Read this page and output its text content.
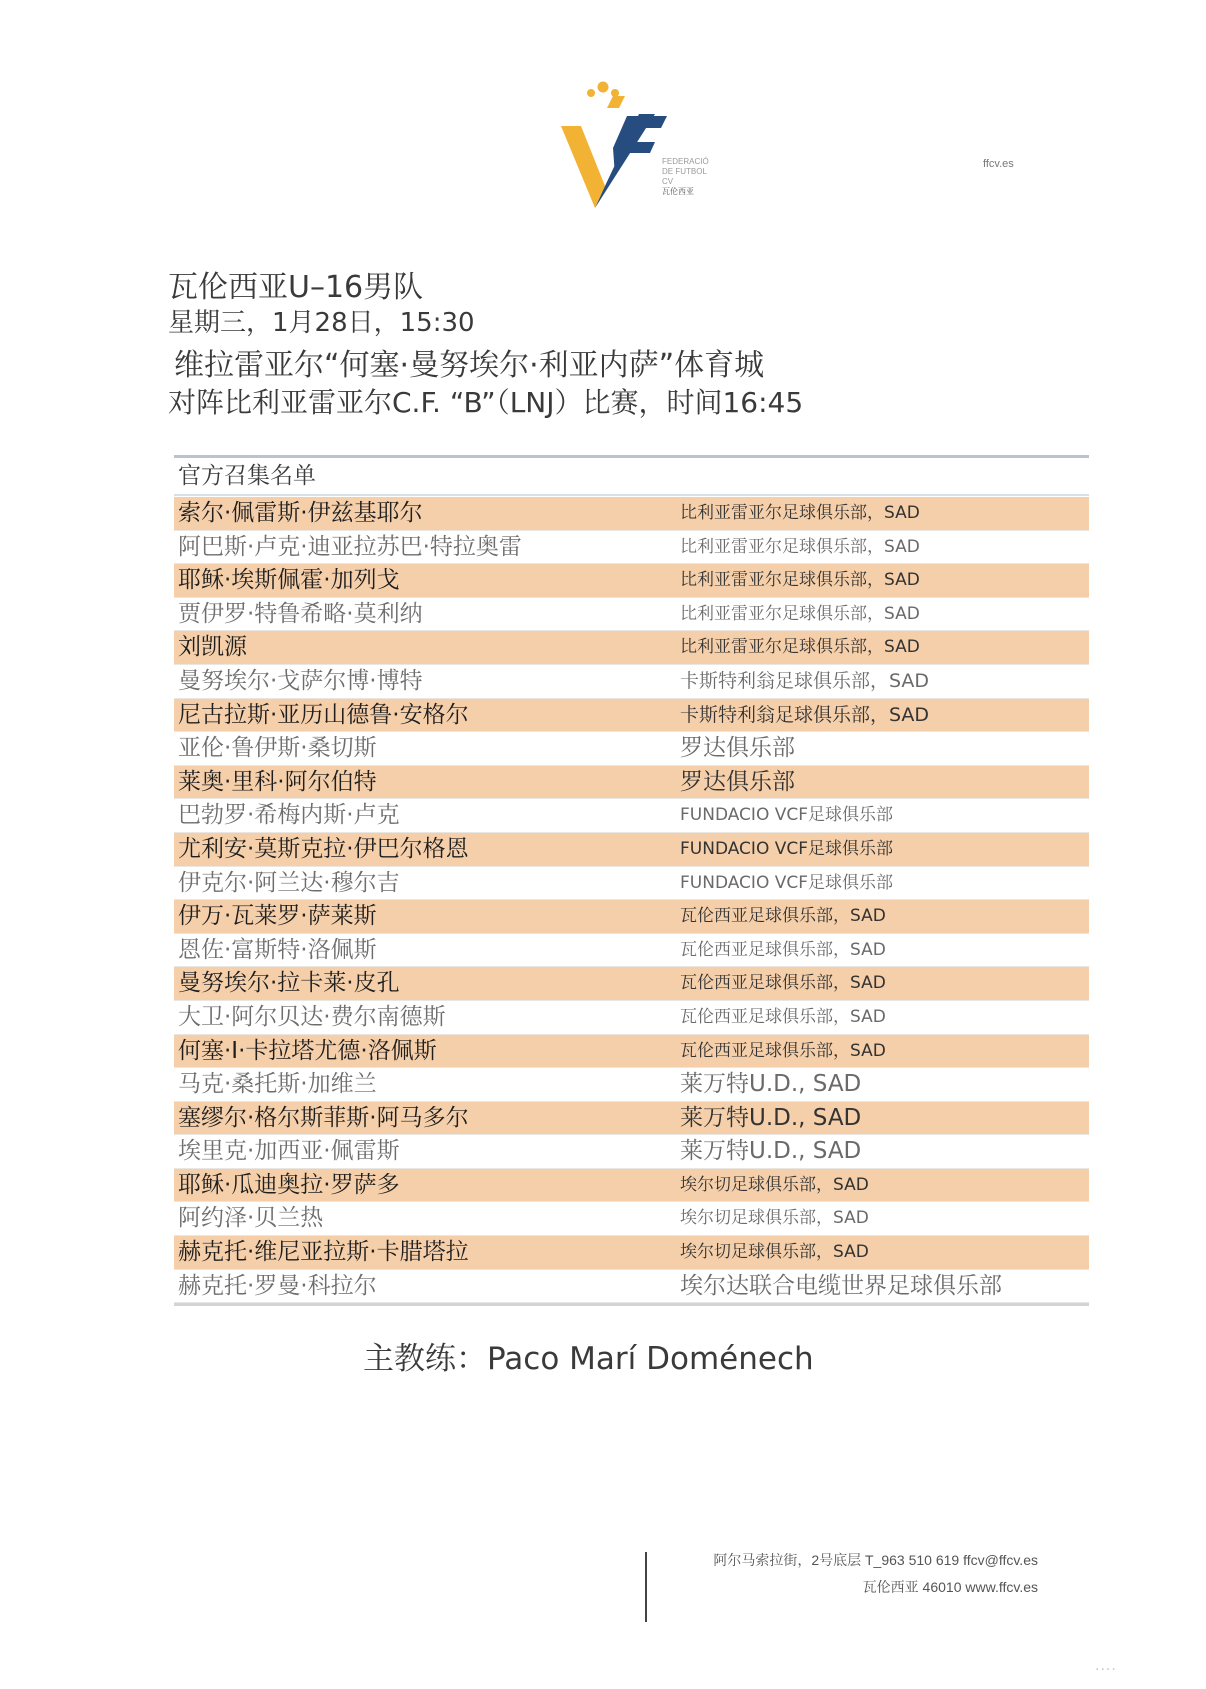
FEDERACIÓ
DE FUTBOL
CV
瓦伦西亚
ffcv.es
瓦伦西亚U–16男队
星期三，1月28日，15:30
维拉雷亚尔“何塞·曼努埃尔·利亚内萨”体育城
对阵比利亚雷亚尔C.F. “B”（LNJ）比赛，时间16:45
官方召集名单
索尔·佩雷斯·伊兹基耶尔	比利亚雷亚尔足球俱乐部，SAD
阿巴斯·卢克·迪亚拉苏巴·特拉奥雷	比利亚雷亚尔足球俱乐部，SAD
耶稣·埃斯佩霍·加列戈	比利亚雷亚尔足球俱乐部，SAD
贾伊罗·特鲁希略·莫利纳	比利亚雷亚尔足球俱乐部，SAD
刘凯源	比利亚雷亚尔足球俱乐部，SAD
曼努埃尔·戈萨尔博·博特	卡斯特利翁足球俱乐部，SAD
尼古拉斯·亚历山德鲁·安格尔	卡斯特利翁足球俱乐部，SAD
亚伦·鲁伊斯·桑切斯	罗达俱乐部
莱奥·里科·阿尔伯特	罗达俱乐部
巴勃罗·希梅内斯·卢克	FUNDACIO VCF足球俱乐部
尤利安·莫斯克拉·伊巴尔格恩	FUNDACIO VCF足球俱乐部
伊克尔·阿兰达·穆尔吉	FUNDACIO VCF足球俱乐部
伊万·瓦莱罗·萨莱斯	瓦伦西亚足球俱乐部，SAD
恩佐·富斯特·洛佩斯	瓦伦西亚足球俱乐部，SAD
曼努埃尔·拉卡莱·皮孔	瓦伦西亚足球俱乐部，SAD
大卫·阿尔贝达·费尔南德斯	瓦伦西亚足球俱乐部，SAD
何塞·I·卡拉塔尤德·洛佩斯	瓦伦西亚足球俱乐部，SAD
马克·桑托斯·加维兰	莱万特U.D., SAD
塞缪尔·格尔斯菲斯·阿马多尔	莱万特U.D., SAD
埃里克·加西亚·佩雷斯	莱万特U.D., SAD
耶稣·瓜迪奥拉·罗萨多	埃尔切足球俱乐部，SAD
阿约泽·贝兰热	埃尔切足球俱乐部，SAD
赫克托·维尼亚拉斯·卡腊塔拉	埃尔切足球俱乐部，SAD
赫克托·罗曼·科拉尔	埃尔达联合电缆世界足球俱乐部
主教练：Paco Marí Doménech
阿尔马索拉街，2号底层 T_963 510 619 ffcv@ffcv.es
瓦伦西亚 46010 www.ffcv.es
····
